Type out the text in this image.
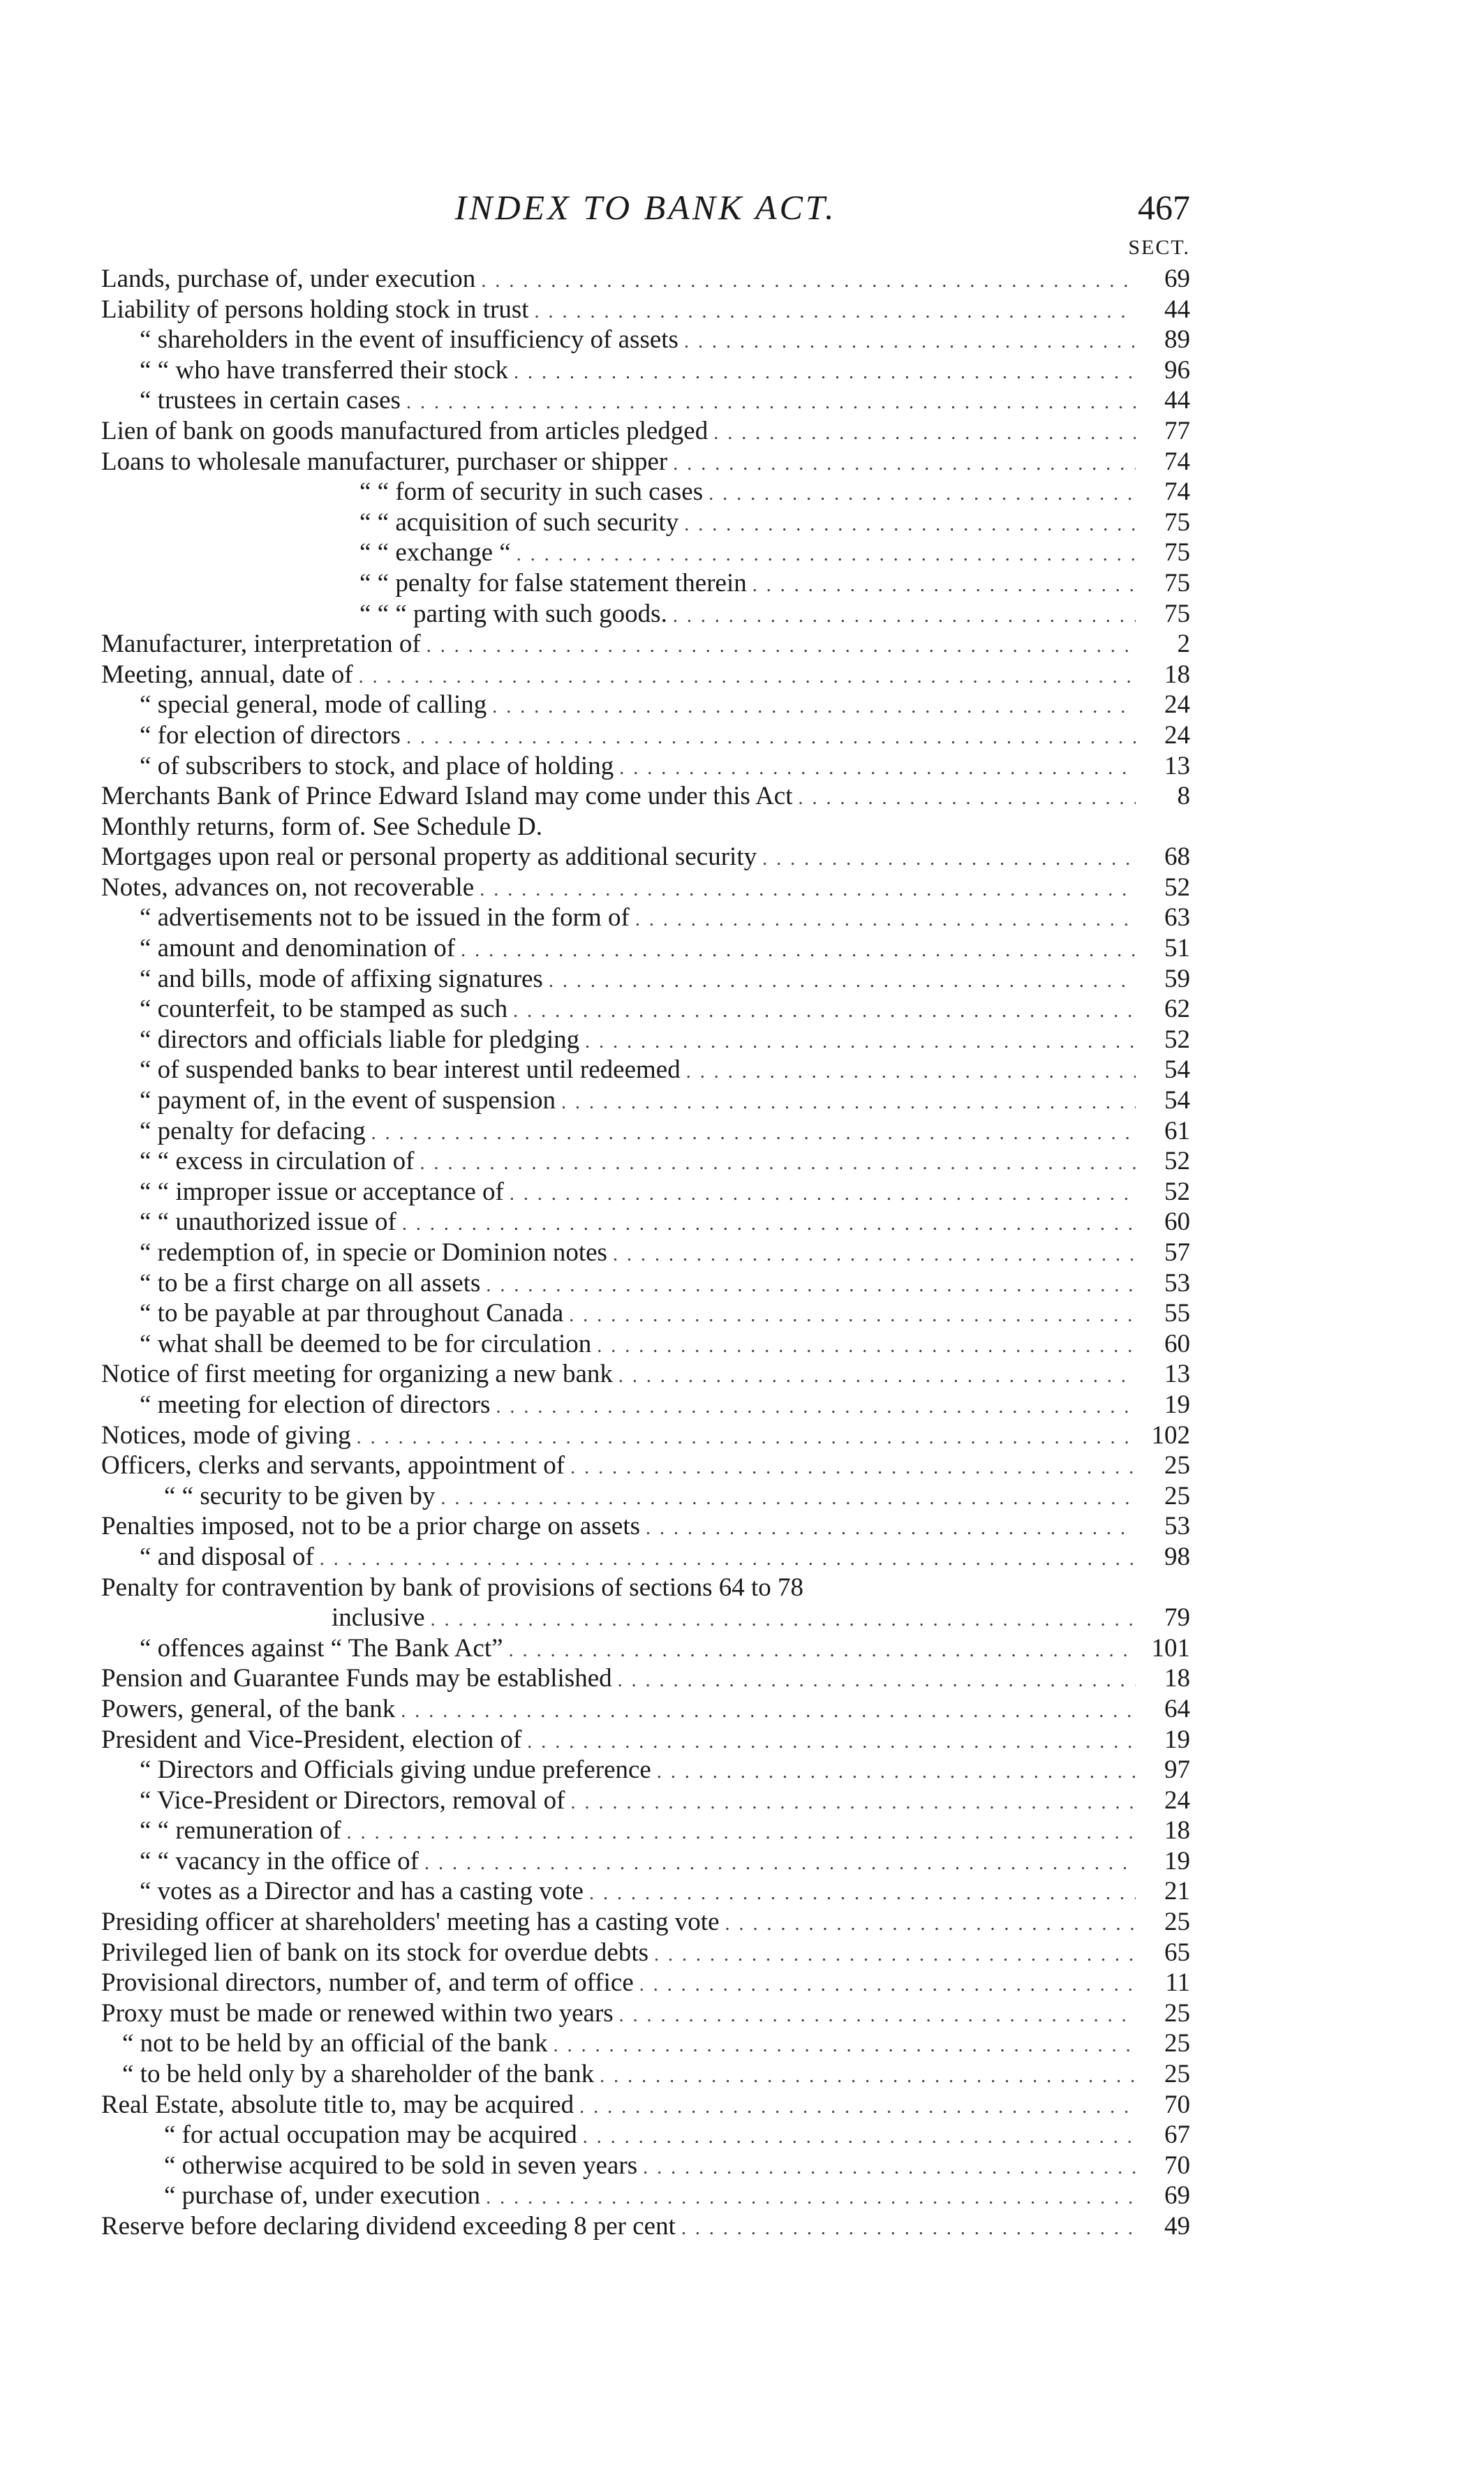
INDEX TO BANK ACT.	467
SECT.
Lands, purchase of, under execution . . .	69
Liability of persons holding stock in trust . . .	44
“ shareholders in the event of insufficiency of assets . . .	89
“ “ who have transferred their stock . . .	96
“ trustees in certain cases . . .	44
Lien of bank on goods manufactured from articles pledged . . .	77
Loans to wholesale manufacturer, purchaser or shipper . . .	74
“ “ form of security in such cases . . .	74
“ “ acquisition of such security . . .	75
“ “ exchange “ . . .	75
“ “ penalty for false statement therein . . .	75
“ “ “ parting with such goods. . . .	75
Manufacturer, interpretation of . . .	2
Meeting, annual, date of . . .	18
“ special general, mode of calling . . .	24
“ for election of directors . . .	24
“ of subscribers to stock, and place of holding . . .	13
Merchants Bank of Prince Edward Island may come under this Act . . .	8
Monthly returns, form of. See Schedule D.
Mortgages upon real or personal property as additional security . . .	68
Notes, advances on, not recoverable . . .	52
“ advertisements not to be issued in the form of . . .	63
“ amount and denomination of . . .	51
“ and bills, mode of affixing signatures . . .	59
“ counterfeit, to be stamped as such . . .	62
“ directors and officials liable for pledging . . .	52
“ of suspended banks to bear interest until redeemed . . .	54
“ payment of, in the event of suspension . . .	54
“ penalty for defacing . . .	61
“ “ excess in circulation of . . .	52
“ “ improper issue or acceptance of . . .	52
“ “ unauthorized issue of . . .	60
“ redemption of, in specie or Dominion notes . . .	57
“ to be a first charge on all assets . . .	53
“ to be payable at par throughout Canada . . .	55
“ what shall be deemed to be for circulation . . .	60
Notice of first meeting for organizing a new bank . . .	13
“ meeting for election of directors . . .	19
Notices, mode of giving . . .	102
Officers, clerks and servants, appointment of . . .	25
“ “ security to be given by . . .	25
Penalties imposed, not to be a prior charge on assets . . .	53
“ and disposal of . . .	98
Penalty for contravention by bank of provisions of sections 64 to 78
inclusive . . .	79
“ offences against “ The Bank Act” . . .	101
Pension and Guarantee Funds may be established . . .	18
Powers, general, of the bank . . .	64
President and Vice-President, election of . . .	19
“ Directors and Officials giving undue preference . . .	97
“ Vice-President or Directors, removal of . . .	24
“ “ remuneration of . . .	18
“ “ vacancy in the office of . . .	19
“ votes as a Director and has a casting vote . . .	21
Presiding officer at shareholders' meeting has a casting vote . . .	25
Privileged lien of bank on its stock for overdue debts . . .	65
Provisional directors, number of, and term of office . . .	11
Proxy must be made or renewed within two years . . .	25
“ not to be held by an official of the bank . . .	25
“ to be held only by a shareholder of the bank . . .	25
Real Estate, absolute title to, may be acquired . . .	70
“ for actual occupation may be acquired . . .	67
“ otherwise acquired to be sold in seven years . . .	70
“ purchase of, under execution . . .	69
Reserve before declaring dividend exceeding 8 per cent . . .	49
